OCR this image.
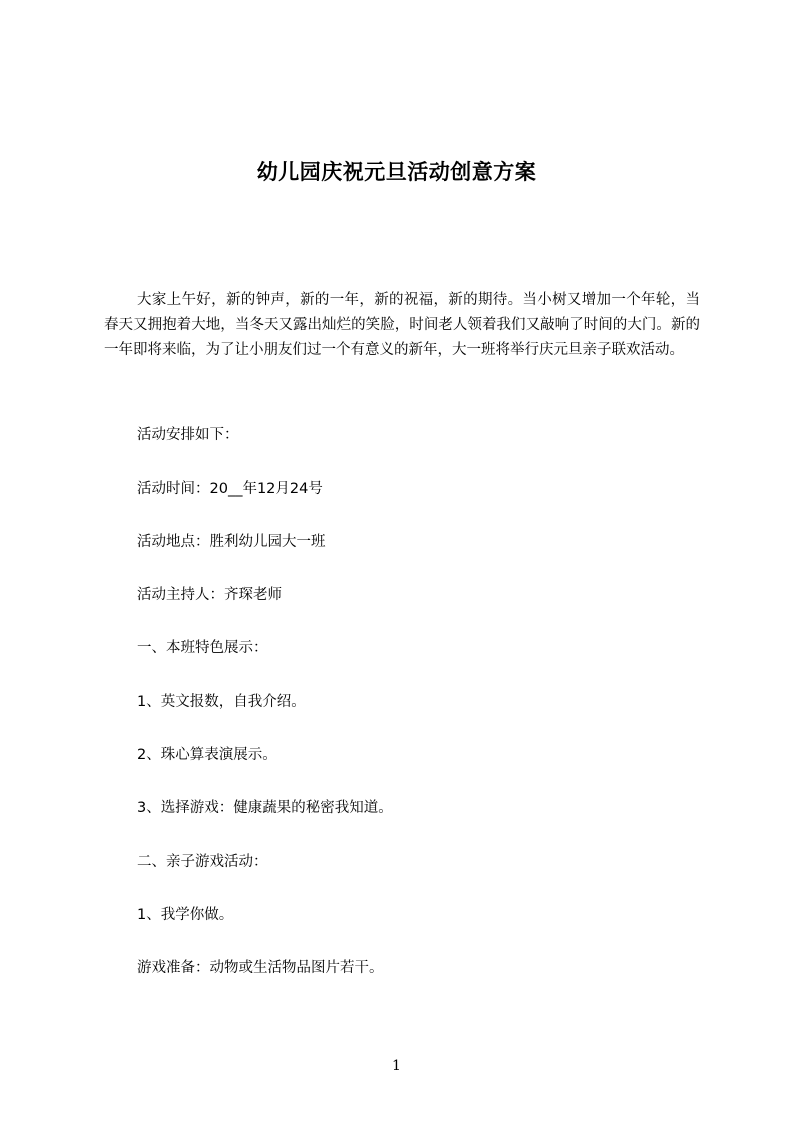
幼儿园庆祝元旦活动创意方案

大家上午好，新的钟声，新的一年，新的祝福，新的期待。当小树又增加一个年轮，当春天又拥抱着大地，当冬天又露出灿烂的笑脸，时间老人领着我们又敲响了时间的大门。新的一年即将来临，为了让小朋友们过一个有意义的新年，大一班将举行庆元旦亲子联欢活动。

活动安排如下：

活动时间：20__年12月24号

活动地点：胜利幼儿园大一班

活动主持人：齐琛老师

一、本班特色展示：

1、英文报数，自我介绍。

2、珠心算表演展示。

3、选择游戏：健康蔬果的秘密我知道。

二、亲子游戏活动：

1、我学你做。

游戏准备：动物或生活物品图片若干。

1
